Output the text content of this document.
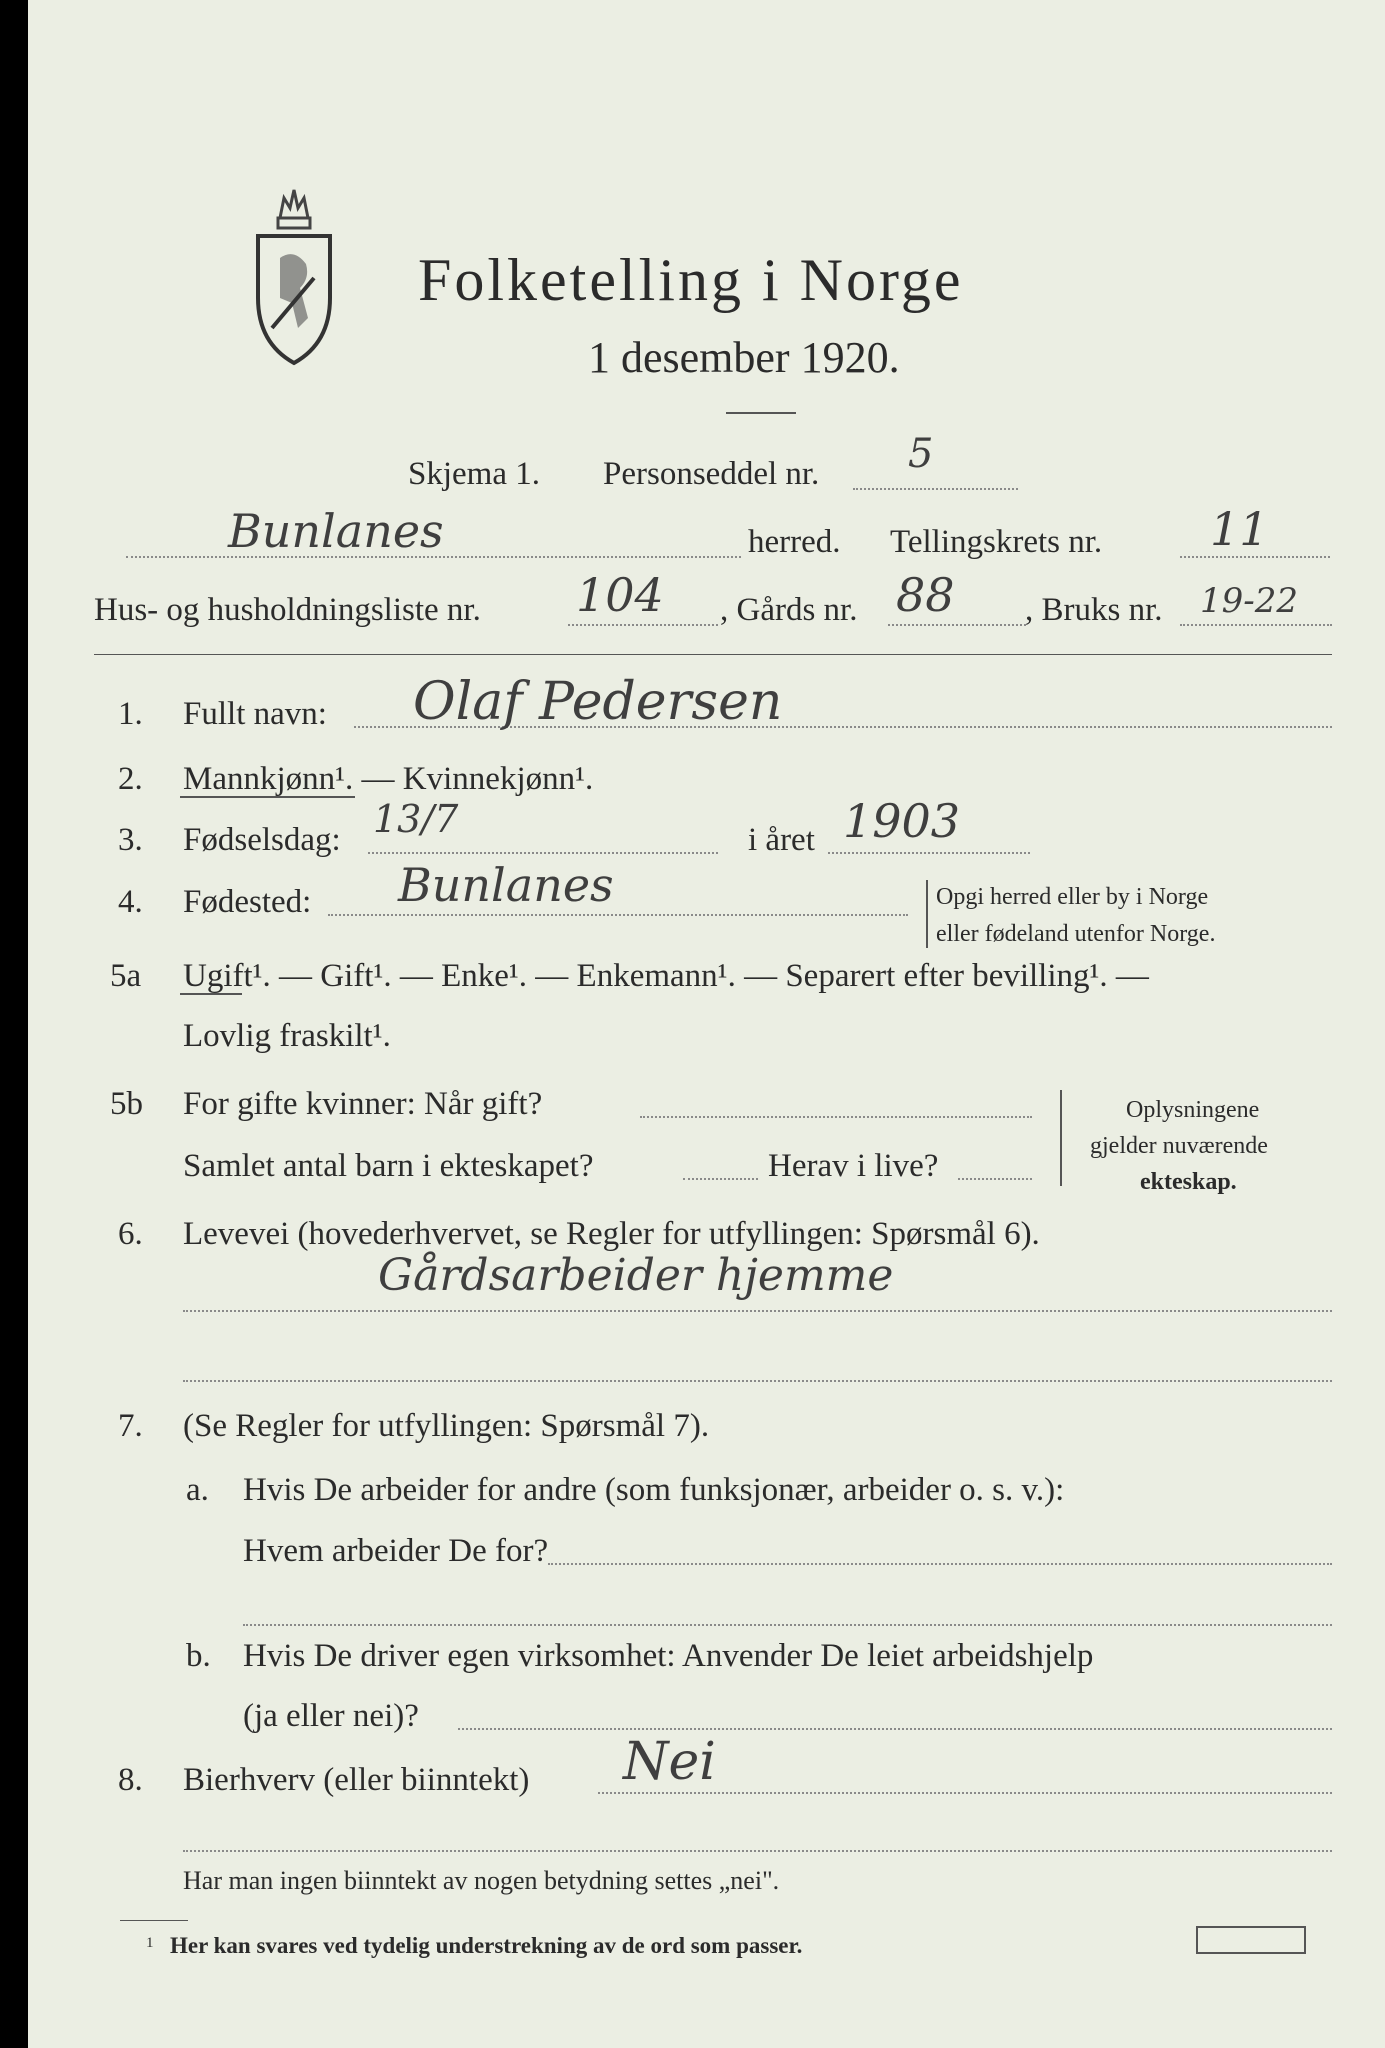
Folketelling i Norge
1 desember 1920.
Skjema 1. Personseddel nr. 5
Bunlanes	herred. Tellingskrets nr. 11
Hus- og husholdningsliste nr. 104 , Gårds nr. 88 , Bruks nr. 19-22
1. Fullt navn: Olaf Pedersen
2. Mannkjønn¹. — Kvinnekjønn¹.
3. Fødselsdag: 13/7	i året 1903
4. Fødested: Bunlanes	Opgi herred eller by i Norge
eller fødeland utenfor Norge.
5a Ugift¹. — Gift¹. — Enke¹. — Enkemann¹. — Separert efter bevilling¹. —
Lovlig fraskilt¹.
5b For gifte kvinner: Når gift?
Samlet antal barn i ekteskapet?	Herav i live?
Oplysningene
gjelder nuværende
ekteskap.
6. Levevei (hovederhvervet, se Regler for utfyllingen: Spørsmål 6).
Gårdsarbeider hjemme
7. (Se Regler for utfyllingen: Spørsmål 7).
a. Hvis De arbeider for andre (som funksjonær, arbeider o. s. v.):
Hvem arbeider De for?
b. Hvis De driver egen virksomhet: Anvender De leiet arbeidshjelp
(ja eller nei)?
8. Bierhverv (eller biinntekt) Nei
Har man ingen biinntekt av nogen betydning settes „nei".
1 Her kan svares ved tydelig understrekning av de ord som passer.
